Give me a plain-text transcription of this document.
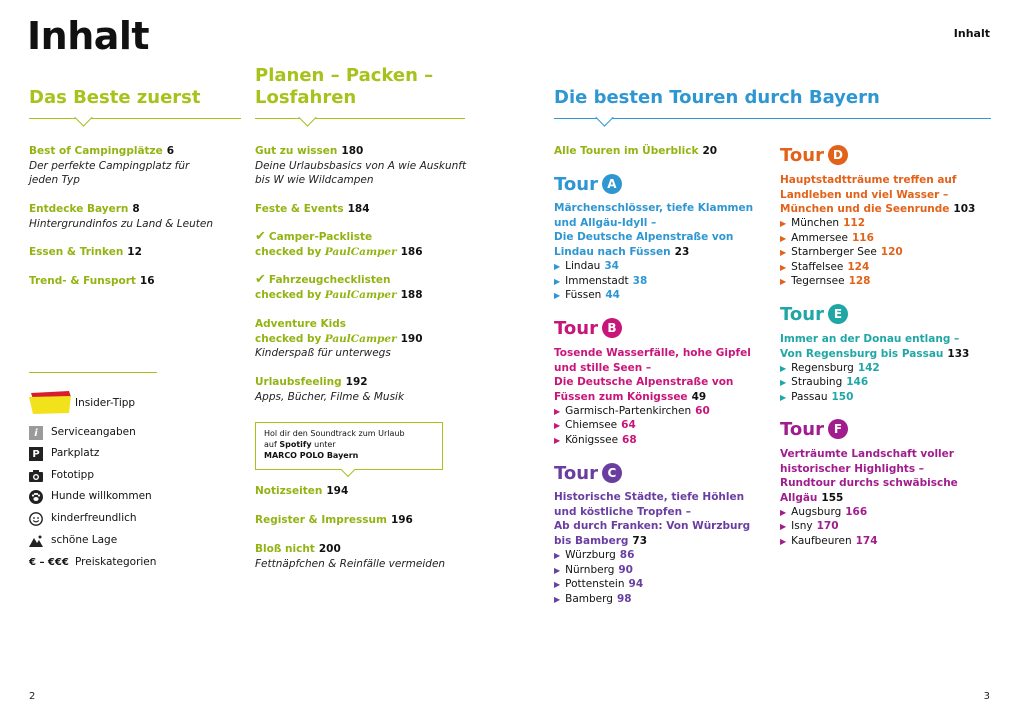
Inhalt	Inhalt
Das Beste zuerst
Best of Campingplätze 6
Der perfekte Campingplatz für
jeden Typ
Entdecke Bayern 8
Hintergrundinfos zu Land & Leuten
Essen & Trinken 12
Trend- & Funsport 16
Insider-Tipp
i	Serviceangaben
P	Parkplatz
Fototipp
Hunde willkommen
kinderfreundlich
schöne Lage
€ – €€€ Preiskategorien
Planen – Packen –
Losfahren
Gut zu wissen 180
Deine Urlaubsbasics von A wie Auskunft
bis W wie Wildcampen
Feste & Events 184
✔ Camper-Packliste
checked by PaulCamper 186
✔ Fahrzeugchecklisten
checked by PaulCamper 188
Adventure Kids
checked by PaulCamper 190
Kinderspaß für unterwegs
Urlaubsfeeling 192
Apps, Bücher, Filme & Musik
Hol dir den Soundtrack zum Urlaub
auf Spotify unter
MARCO POLO Bayern
Notizseiten 194
Register & Impressum 196
Bloß nicht 200
Fettnäpfchen & Reinfälle vermeiden
Die besten Touren durch Bayern
Alle Touren im Überblick 20
Tour A
Märchenschlösser, tiefe Klammen
und Allgäu-Idyll –
Die Deutsche Alpenstraße von
Lindau nach Füssen 23
▶ Lindau 34
▶ Immenstadt 38
▶ Füssen 44
Tour B
Tosende Wasserfälle, hohe Gipfel
und stille Seen –
Die Deutsche Alpenstraße von
Füssen zum Königssee 49
▶ Garmisch-Partenkirchen 60
▶ Chiemsee 64
▶ Königssee 68
Tour C
Historische Städte, tiefe Höhlen
und köstliche Tropfen –
Ab durch Franken: Von Würzburg
bis Bamberg 73
▶ Würzburg 86
▶ Nürnberg 90
▶ Pottenstein 94
▶ Bamberg 98
Tour D
Hauptstadtträume treffen auf
Landleben und viel Wasser –
München und die Seenrunde 103
▶ München 112
▶ Ammersee 116
▶ Starnberger See 120
▶ Staffelsee 124
▶ Tegernsee 128
Tour E
Immer an der Donau entlang –
Von Regensburg bis Passau 133
▶ Regensburg 142
▶ Straubing 146
▶ Passau 150
Tour F
Verträumte Landschaft voller
historischer Highlights –
Rundtour durchs schwäbische
Allgäu 155
▶ Augsburg 166
▶ Isny 170
▶ Kaufbeuren 174
2	3
